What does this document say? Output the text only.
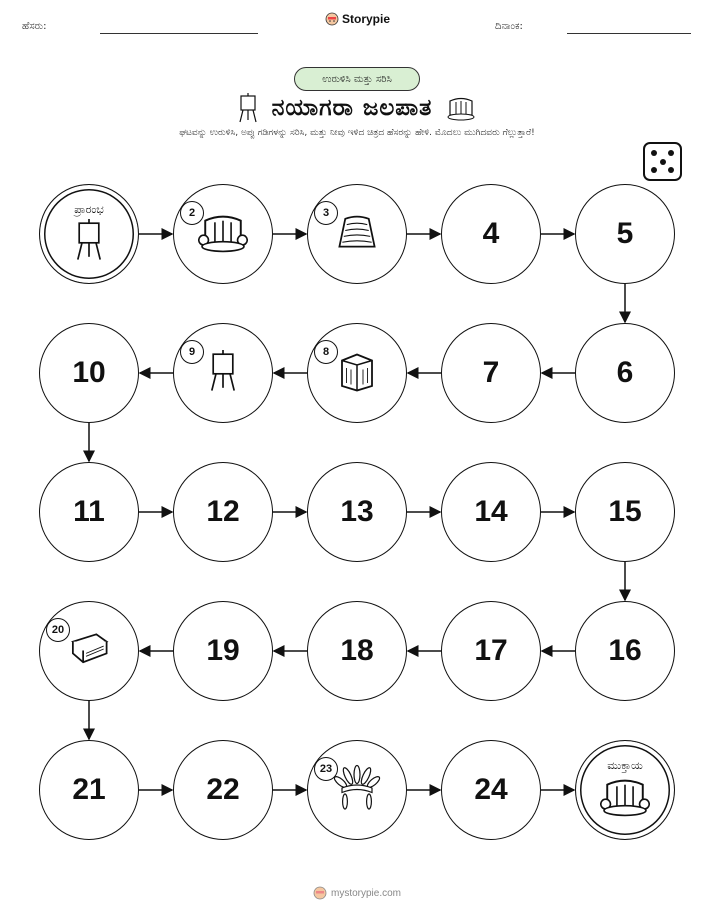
ಹೆಸರು:
Storypie
ದಿನಾಂಕ:
ಉರುಳಿಸಿ ಮತ್ತು ಸರಿಸಿ
ನಯಾಗರಾ ಜಲಪಾತ
ಘಟವನ್ನು ಉರುಳಿಸಿ, ಅಪ್ಪು ಗಡಿಗಳನ್ನು ಸರಿಸಿ, ಮತ್ತು ನೀವು ಇಳಿದ ಚಿತ್ರದ ಹೆಸರನ್ನು ಹೇಳಿ. ಮೊದಲು ಮುಗಿದವರು ಗೆಲ್ಲುತ್ತಾರೆ!
ಪ್ರಾರಂಭ	2	3
4	5
6
7
8
9
10
11	12	13	14	15
16
17
18
19
20
21	22
23
24
ಮುಕ್ತಾಯ
mystorypie.com
